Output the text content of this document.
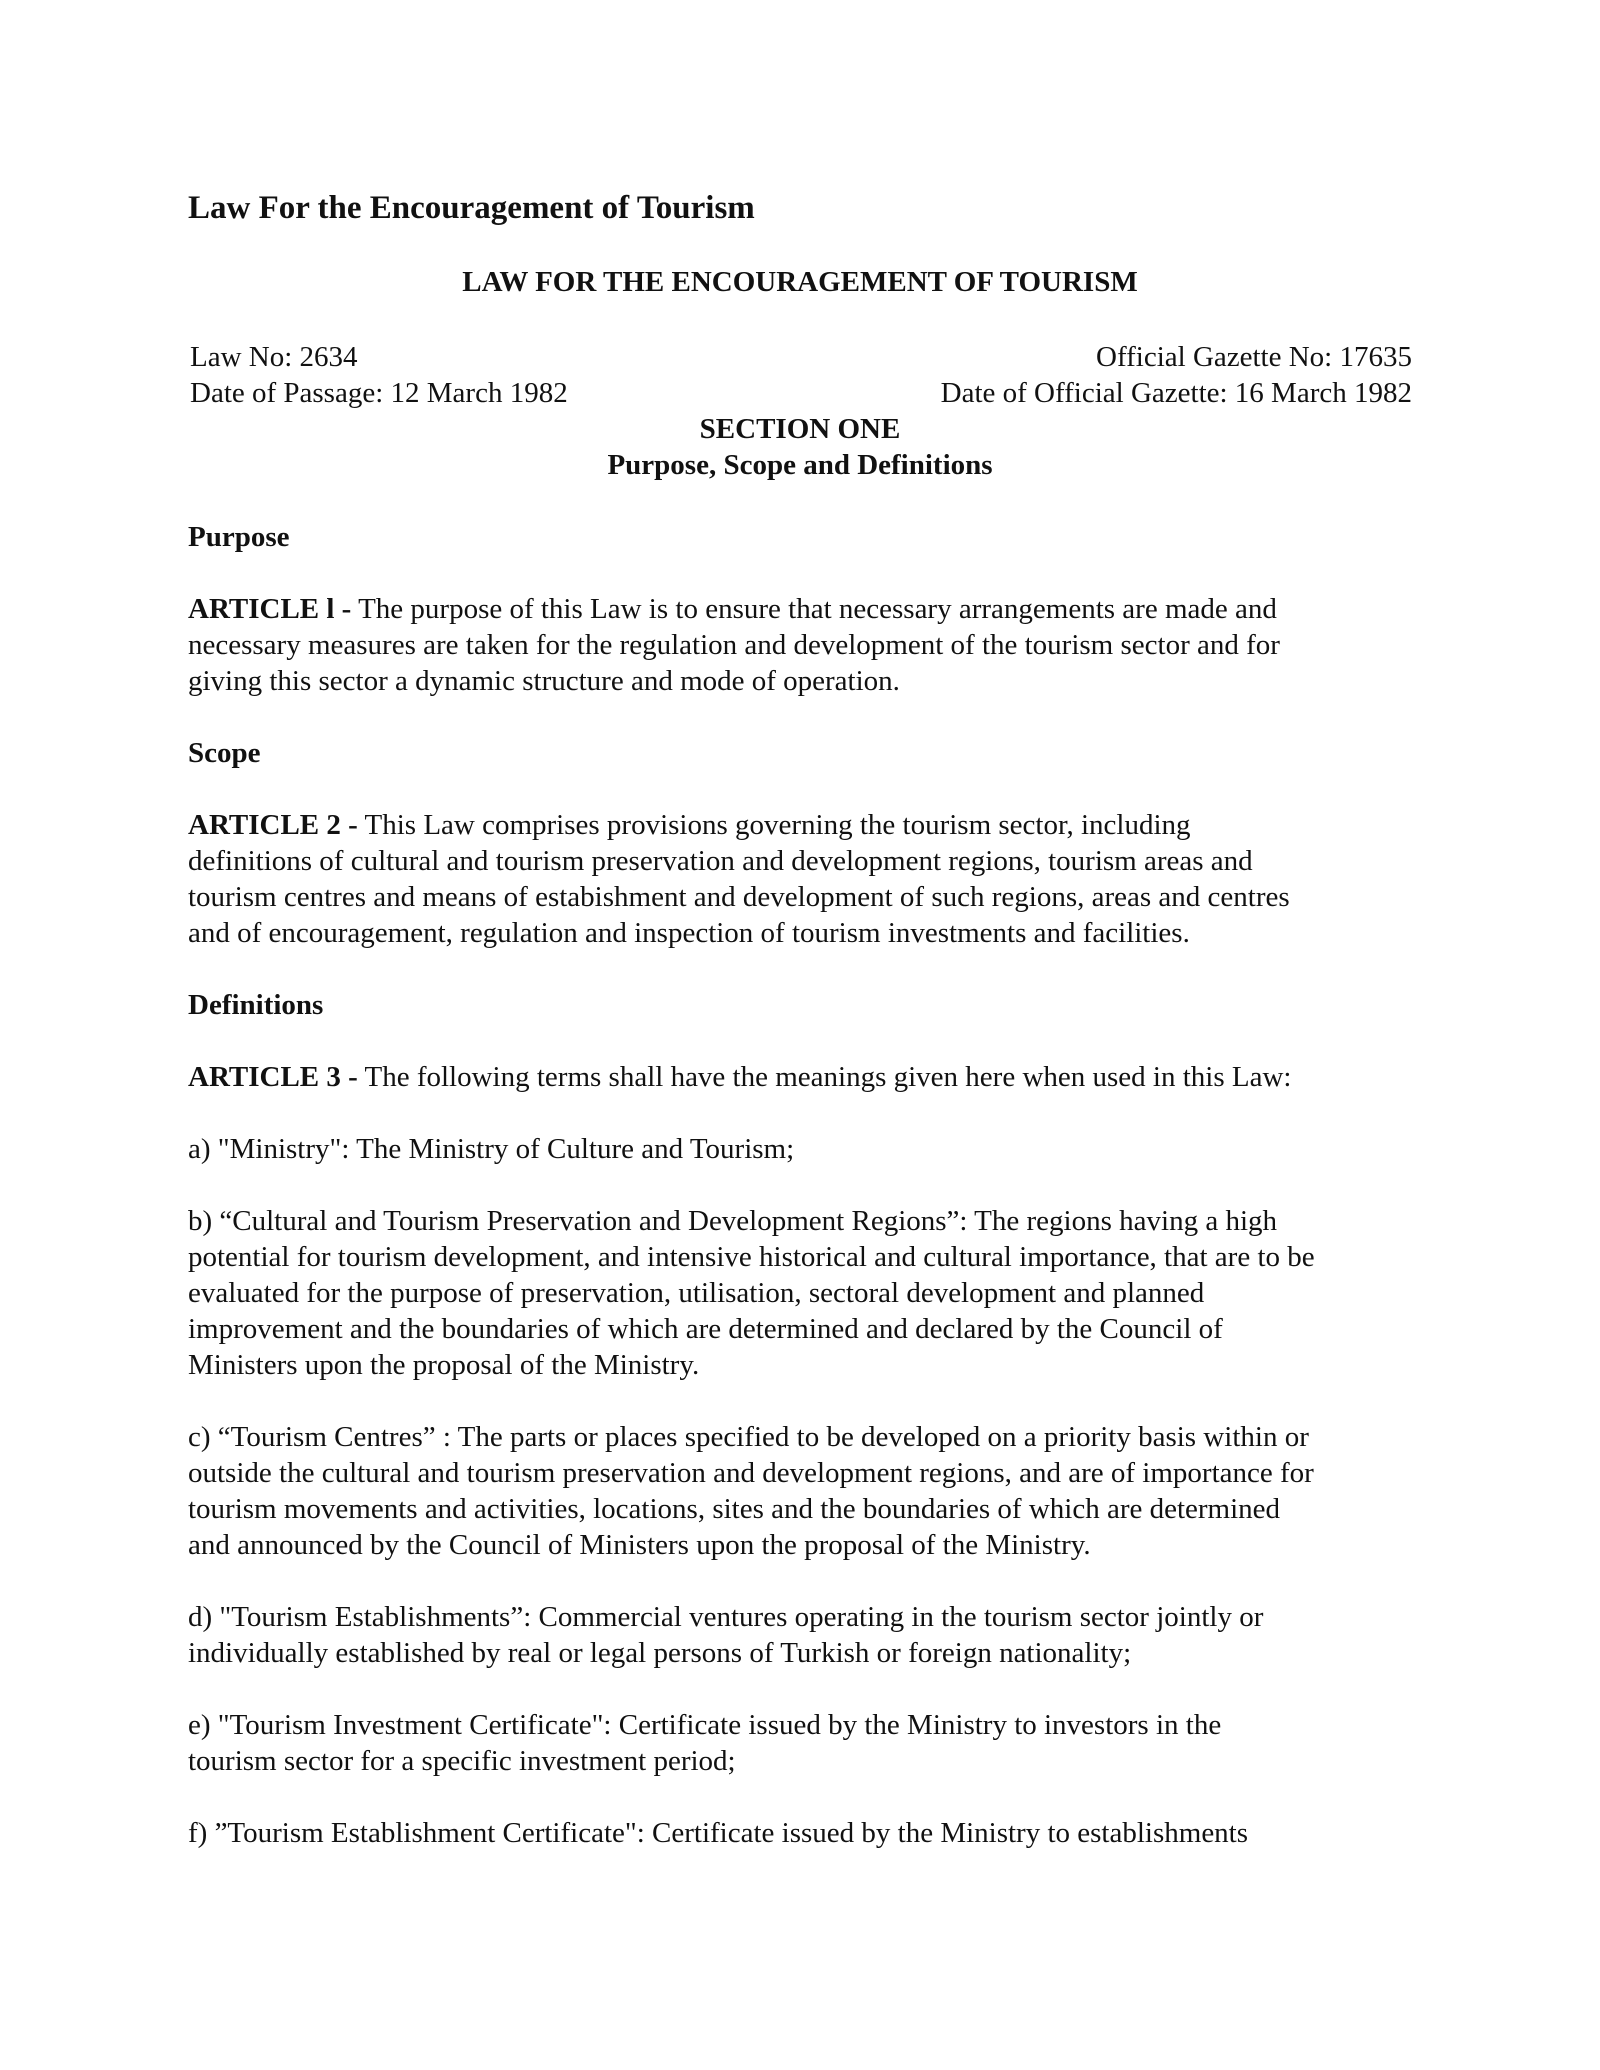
Law For the Encouragement of Tourism
LAW FOR THE ENCOURAGEMENT OF TOURISM
Law No: 2634	Official Gazette No: 17635
Date of Passage: 12 March 1982	Date of Official Gazette: 16 March 1982
SECTION ONE
Purpose, Scope and Definitions
Purpose
ARTICLE l - The purpose of this Law is to ensure that necessary arrangements are made and
necessary measures are taken for the regulation and development of the tourism sector and for
giving this sector a dynamic structure and mode of operation.
Scope
ARTICLE 2 - This Law comprises provisions governing the tourism sector, including
definitions of cultural and tourism preservation and development regions, tourism areas and
tourism centres and means of estabishment and development of such regions, areas and centres
and of encouragement, regulation and inspection of tourism investments and facilities.
Definitions
ARTICLE 3 - The following terms shall have the meanings given here when used in this Law:
a) "Ministry": The Ministry of Culture and Tourism;
b) “Cultural and Tourism Preservation and Development Regions”: The regions having a high
potential for tourism development, and intensive historical and cultural importance, that are to be
evaluated for the purpose of preservation, utilisation, sectoral development and planned
improvement and the boundaries of which are determined and declared by the Council of
Ministers upon the proposal of the Ministry.
c) “Tourism Centres” : The parts or places specified to be developed on a priority basis within or
outside the cultural and tourism preservation and development regions, and are of importance for
tourism movements and activities, locations, sites and the boundaries of which are determined
and announced by the Council of Ministers upon the proposal of the Ministry.
d) "Tourism Establishments”: Commercial ventures operating in the tourism sector jointly or
individually established by real or legal persons of Turkish or foreign nationality;
e) "Tourism Investment Certificate": Certificate issued by the Ministry to investors in the
tourism sector for a specific investment period;
f) ”Tourism Establishment Certificate": Certificate issued by the Ministry to establishments
